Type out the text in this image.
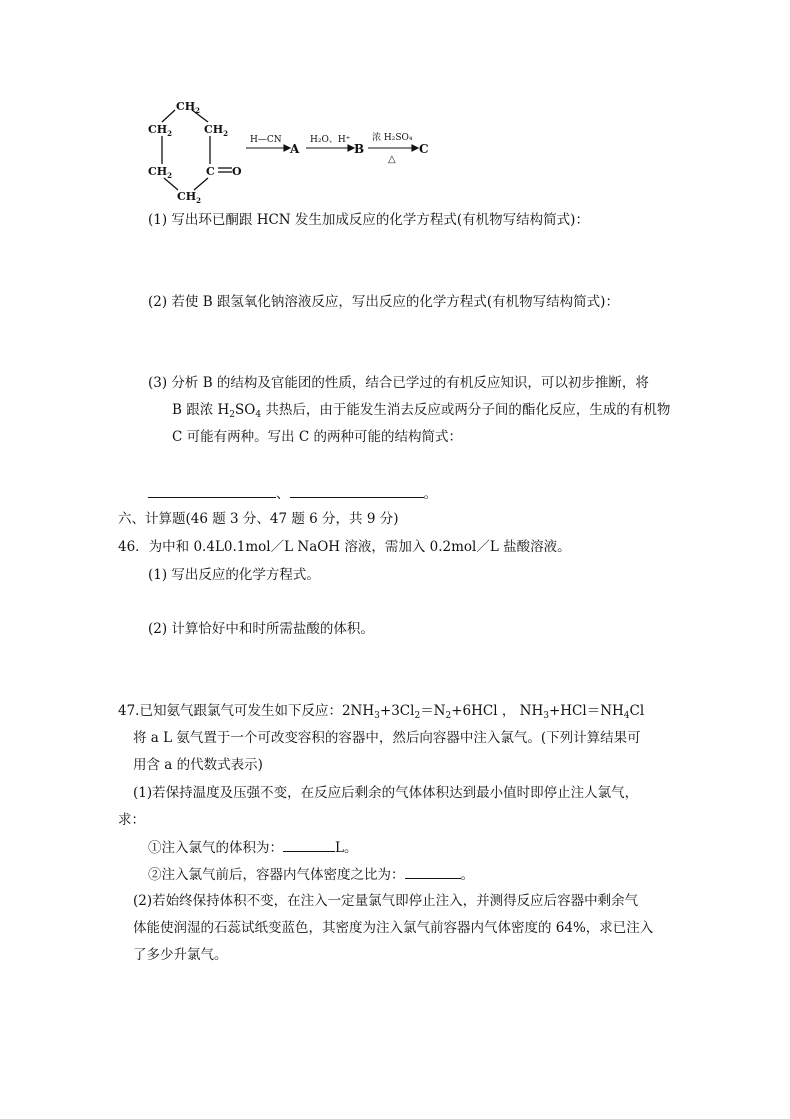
$CH_2$
$CH_2$	$CH_2$
$CH_2$	C O
$CH_2$
H—CN
A
H₂O、H⁺
B
浓 H₂SO₄
△
C
(1) 写出环已酮跟 HCN 发生加成反应的化学方程式(有机物写结构简式)：
(2) 若使 B 跟氢氧化钠溶液反应，写出反应的化学方程式(有机物写结构简式)：
(3) 分析 B 的结构及官能团的性质，结合已学过的有机反应知识，可以初步推断，将
B 跟浓 $H_2SO_4$ 共热后，由于能发生消去反应或两分子间的酯化反应，生成的有机物
C 可能有两种。写出 C 的两种可能的结构简式：
、	。
六、计算题(46 题 3 分、47 题 6 分，共 9 分)
46．为中和 0.4L0.1mol／L NaOH 溶液，需加入 0.2mol／L 盐酸溶液。
(1) 写出反应的化学方程式。
(2) 计算恰好中和时所需盐酸的体积。
47.已知氨气跟氯气可发生如下反应：$2NH_3+3Cl_2=N_2+6HCl$ ， $NH_3+HCl=NH_4Cl$
将 a L 氨气置于一个可改变容积的容器中，然后向容器中注入氯气。(下列计算结果可
用含 a 的代数式表示)
(1)若保持温度及压强不变，在反应后剩余的气体体积达到最小值时即停止注人氯气，
求：
①注入氯气的体积为：	L。
②注入氯气前后，容器内气体密度之比为：	。
(2)若始终保持体积不变，在注入一定量氯气即停止注入，并测得反应后容器中剩余气
体能使润湿的石蕊试纸变蓝色，其密度为注入氯气前容器内气体密度的 64%，求已注入
了多少升氯气。
